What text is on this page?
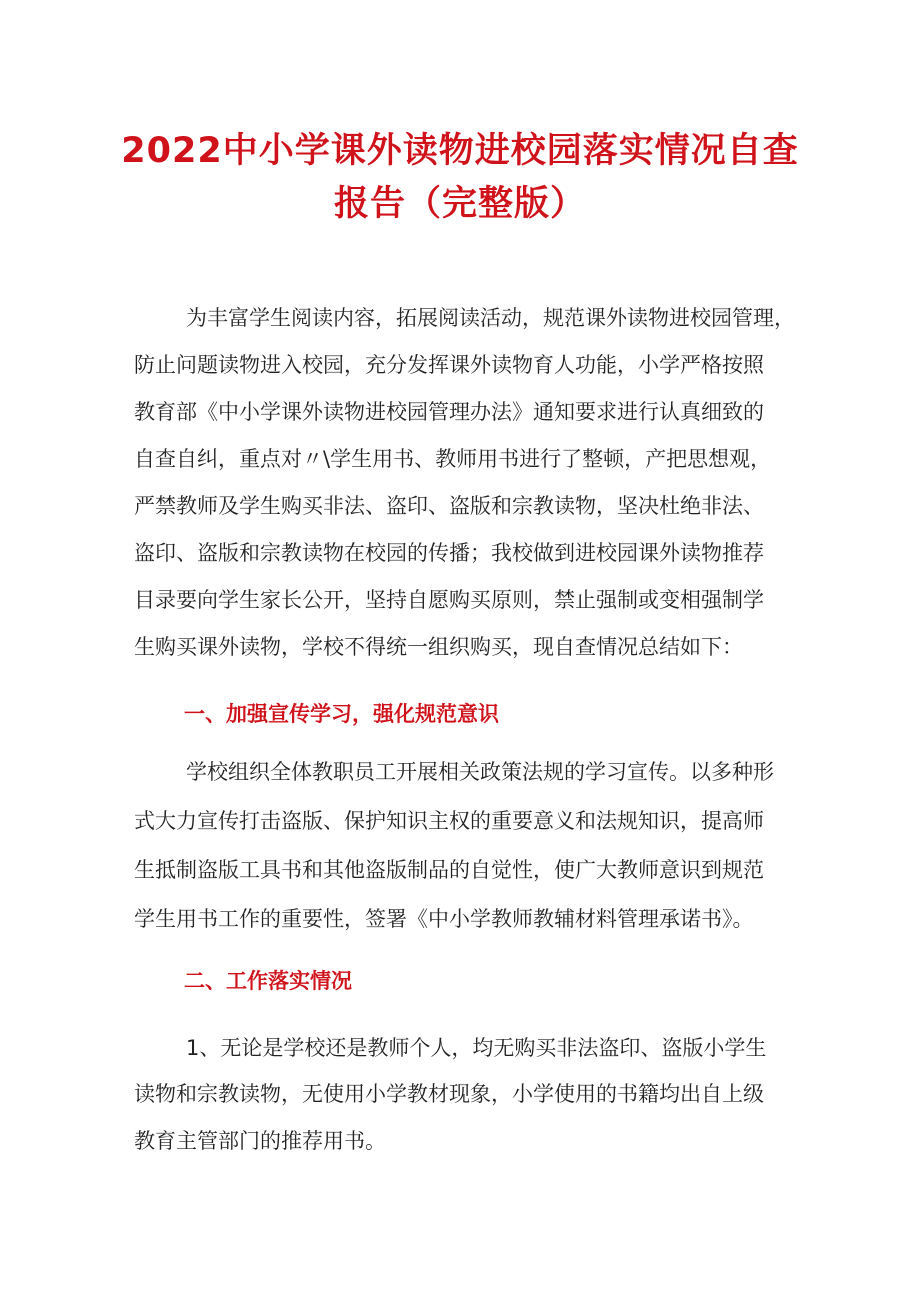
2022中小学课外读物进校园落实情况自查
报告（完整版）
为丰富学生阅读内容，拓展阅读活动，规范课外读物进校园管理，
防止问题读物进入校园，充分发挥课外读物育人功能，小学严格按照
教育部《中小学课外读物进校园管理办法》通知要求进行认真细致的
自查自纠，重点对〃\学生用书、教师用书进行了整顿，产把思想观，
严禁教师及学生购买非法、盗印、盗版和宗教读物，坚决杜绝非法、
盗印、盗版和宗教读物在校园的传播；我校做到进校园课外读物推荐
目录要向学生家长公开，坚持自愿购买原则，禁止强制或变相强制学
生购买课外读物，学校不得统一组织购买，现自查情况总结如下：
一、加强宣传学习，强化规范意识
学校组织全体教职员工开展相关政策法规的学习宣传。以多种形
式大力宣传打击盗版、保护知识主权的重要意义和法规知识，提高师
生抵制盗版工具书和其他盗版制品的自觉性，使广大教师意识到规范
学生用书工作的重要性，签署《中小学教师教辅材料管理承诺书》。
二、工作落实情况
1、无论是学校还是教师个人，均无购买非法盗印、盗版小学生
读物和宗教读物，无使用小学教材现象，小学使用的书籍均出自上级
教育主管部门的推荐用书。
